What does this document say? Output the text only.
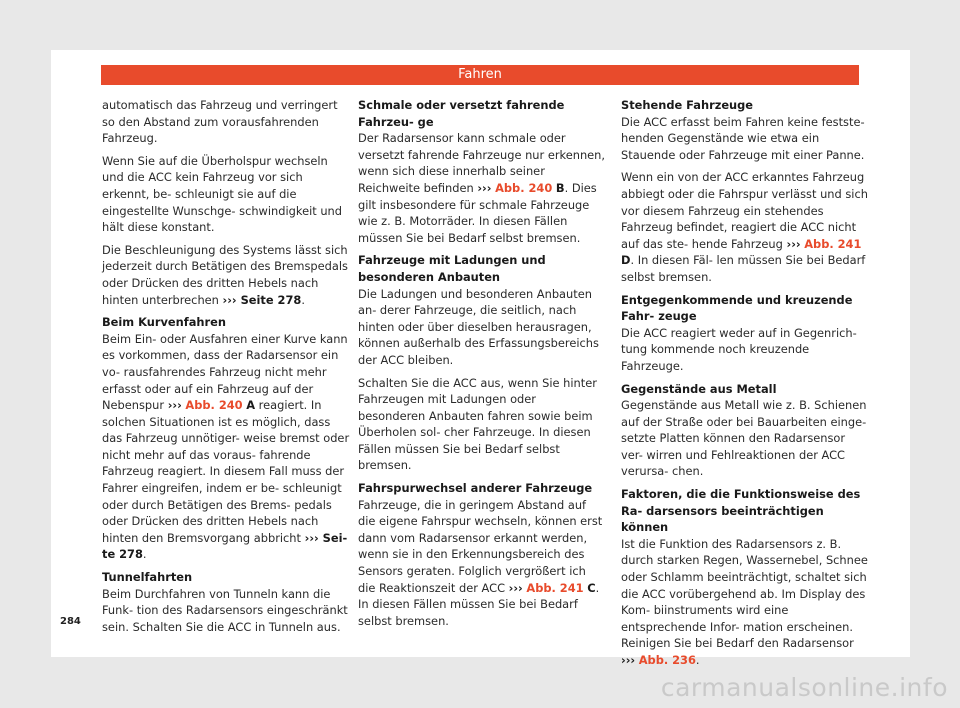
Fahren

automatisch das Fahrzeug und verringert so den Abstand zum vorausfahrenden Fahrzeug.

Wenn Sie auf die Überholspur wechseln und die ACC kein Fahrzeug vor sich erkennt, be- schleunigt sie auf die eingestellte Wunschge- schwindigkeit und hält diese konstant.

Die Beschleunigung des Systems lässt sich jederzeit durch Betätigen des Bremspedals oder Drücken des dritten Hebels nach hinten unterbrechen ››› Seite 278.

Beim Kurvenfahren

Beim Ein- oder Ausfahren einer Kurve kann es vorkommen, dass der Radarsensor ein vo- rausfahrendes Fahrzeug nicht mehr erfasst oder auf ein Fahrzeug auf der Nebenspur ››› Abb. 240 A reagiert. In solchen Situationen ist es möglich, dass das Fahrzeug unnötiger- weise bremst oder nicht mehr auf das voraus- fahrende Fahrzeug reagiert. In diesem Fall muss der Fahrer eingreifen, indem er be- schleunigt oder durch Betätigen des Brems- pedals oder Drücken des dritten Hebels nach hinten den Bremsvorgang abbricht ››› Sei- te 278.

Tunnelfahrten

Beim Durchfahren von Tunneln kann die Funk- tion des Radarsensors eingeschränkt sein. Schalten Sie die ACC in Tunneln aus.

Schmale oder versetzt fahrende Fahrzeu- ge

Der Radarsensor kann schmale oder versetzt fahrende Fahrzeuge nur erkennen, wenn sich diese innerhalb seiner Reichweite befinden ››› Abb. 240 B. Dies gilt insbesondere für schmale Fahrzeuge wie z. B. Motorräder. In diesen Fällen müssen Sie bei Bedarf selbst bremsen.

Fahrzeuge mit Ladungen und besonderen Anbauten

Die Ladungen und besonderen Anbauten an- derer Fahrzeuge, die seitlich, nach hinten oder über dieselben herausragen, können außerhalb des Erfassungsbereichs der ACC bleiben.

Schalten Sie die ACC aus, wenn Sie hinter Fahrzeugen mit Ladungen oder besonderen Anbauten fahren sowie beim Überholen sol- cher Fahrzeuge. In diesen Fällen müssen Sie bei Bedarf selbst bremsen.

Fahrspurwechsel anderer Fahrzeuge

Fahrzeuge, die in geringem Abstand auf die eigene Fahrspur wechseln, können erst dann vom Radarsensor erkannt werden, wenn sie in den Erkennungsbereich des Sensors geraten. Folglich vergrößert ich die Reaktionszeit der ACC ››› Abb. 241 C. In diesen Fällen müssen Sie bei Bedarf selbst bremsen.

Stehende Fahrzeuge

Die ACC erfasst beim Fahren keine festste- henden Gegenstände wie etwa ein Stauende oder Fahrzeuge mit einer Panne.

Wenn ein von der ACC erkanntes Fahrzeug abbiegt oder die Fahrspur verlässt und sich vor diesem Fahrzeug ein stehendes Fahrzeug befindet, reagiert die ACC nicht auf das ste- hende Fahrzeug ››› Abb. 241 D. In diesen Fäl- len müssen Sie bei Bedarf selbst bremsen.

Entgegenkommende und kreuzende Fahr- zeuge

Die ACC reagiert weder auf in Gegenrich- tung kommende noch kreuzende Fahrzeuge.

Gegenstände aus Metall

Gegenstände aus Metall wie z. B. Schienen auf der Straße oder bei Bauarbeiten einge- setzte Platten können den Radarsensor ver- wirren und Fehlreaktionen der ACC verursa- chen.

Faktoren, die die Funktionsweise des Ra- darsensors beeinträchtigen können

Ist die Funktion des Radarsensors z. B. durch starken Regen, Wassernebel, Schnee oder Schlamm beeinträchtigt, schaltet sich die ACC vorübergehend ab. Im Display des Kom- biinstruments wird eine entsprechende Infor- mation erscheinen. Reinigen Sie bei Bedarf den Radarsensor ››› Abb. 236.

284
carmanualsonline.info
